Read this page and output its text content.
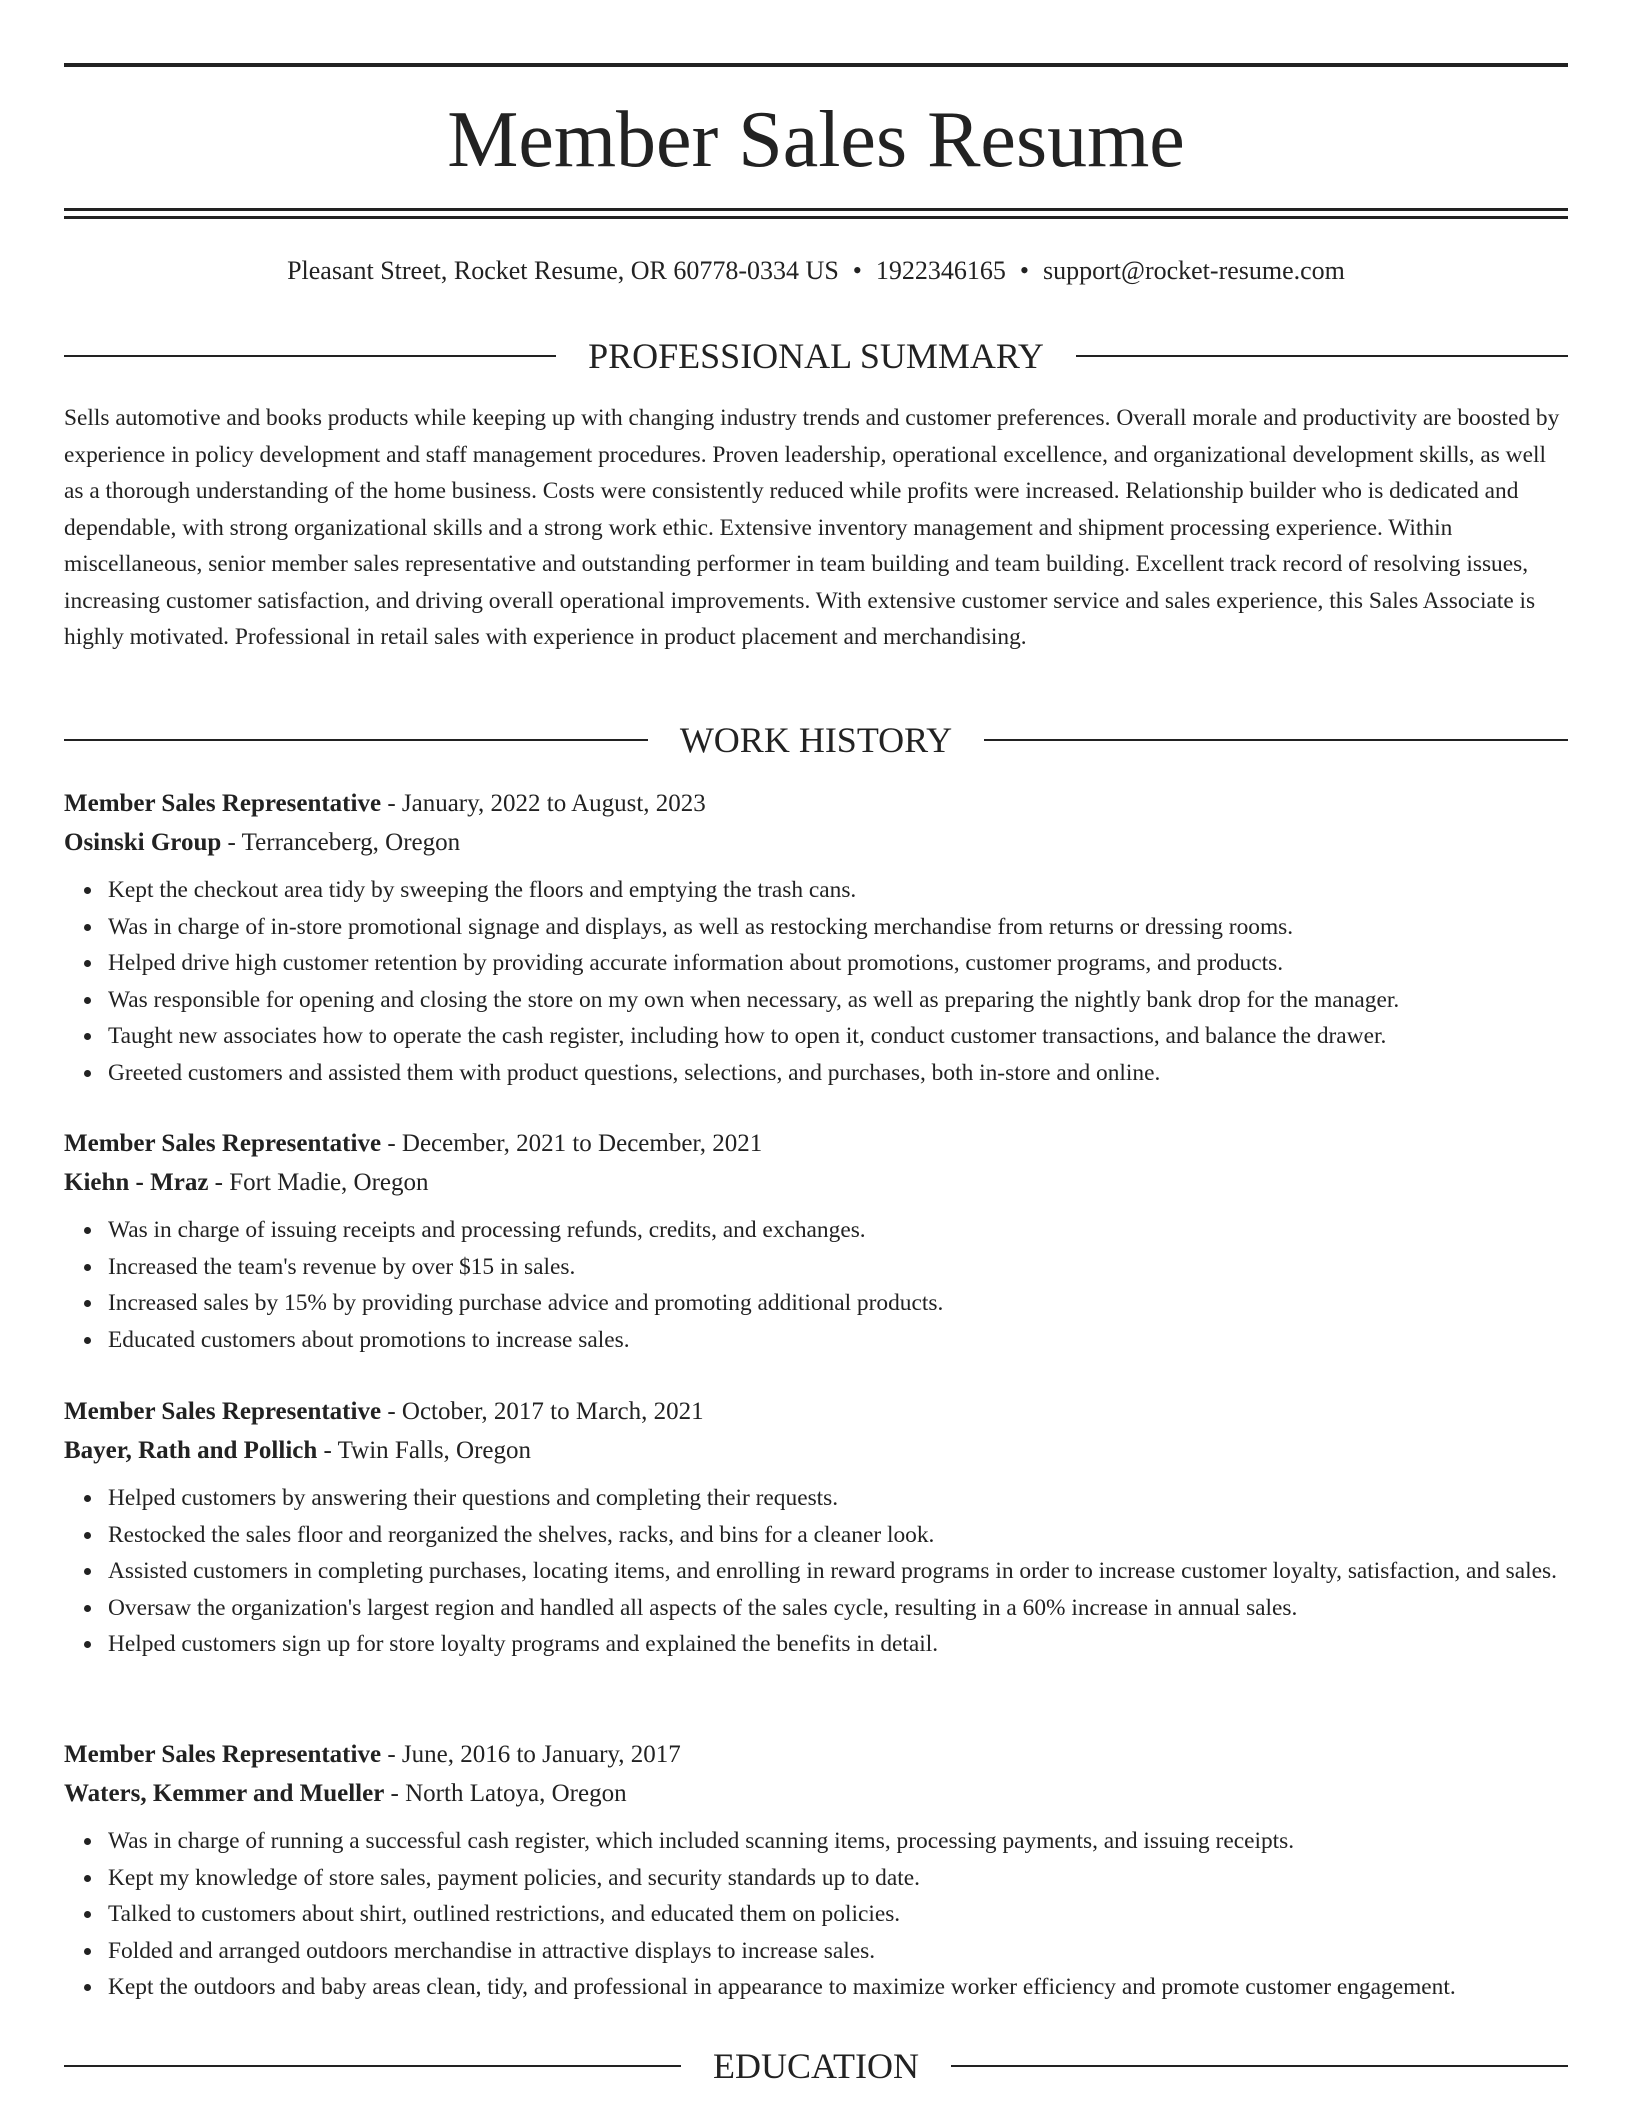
Member Sales Resume
Pleasant Street, Rocket Resume, OR 60778-0334 US • 1922346165 • support@rocket-resume.com
PROFESSIONAL SUMMARY

Sells automotive and books products while keeping up with changing industry trends and customer preferences. Overall morale and productivity are boosted by experience in policy development and staff management procedures. Proven leadership, operational excellence, and organizational development skills, as well as a thorough understanding of the home business. Costs were consistently reduced while profits were increased. Relationship builder who is dedicated and dependable, with strong organizational skills and a strong work ethic. Extensive inventory management and shipment processing experience. Within miscellaneous, senior member sales representative and outstanding performer in team building and team building. Excellent track record of resolving issues, increasing customer satisfaction, and driving overall operational improvements. With extensive customer service and sales experience, this Sales Associate is highly motivated. Professional in retail sales with experience in product placement and merchandising.

WORK HISTORY
Member Sales Representative - January, 2022 to August, 2023
Osinski Group - Terranceberg, Oregon
Kept the checkout area tidy by sweeping the floors and emptying the trash cans.
Was in charge of in-store promotional signage and displays, as well as restocking merchandise from returns or dressing rooms.
Helped drive high customer retention by providing accurate information about promotions, customer programs, and products.
Was responsible for opening and closing the store on my own when necessary, as well as preparing the nightly bank drop for the manager.
Taught new associates how to operate the cash register, including how to open it, conduct customer transactions, and balance the drawer.
Greeted customers and assisted them with product questions, selections, and purchases, both in-store and online.
Member Sales Representative - December, 2021 to December, 2021
Kiehn - Mraz - Fort Madie, Oregon
Was in charge of issuing receipts and processing refunds, credits, and exchanges.
Increased the team's revenue by over $15 in sales.
Increased sales by 15% by providing purchase advice and promoting additional products.
Educated customers about promotions to increase sales.
Member Sales Representative - October, 2017 to March, 2021
Bayer, Rath and Pollich - Twin Falls, Oregon
Helped customers by answering their questions and completing their requests.
Restocked the sales floor and reorganized the shelves, racks, and bins for a cleaner look.
Assisted customers in completing purchases, locating items, and enrolling in reward programs in order to increase customer loyalty, satisfaction, and sales.
Oversaw the organization's largest region and handled all aspects of the sales cycle, resulting in a 60% increase in annual sales.
Helped customers sign up for store loyalty programs and explained the benefits in detail.
Member Sales Representative - June, 2016 to January, 2017
Waters, Kemmer and Mueller - North Latoya, Oregon
Was in charge of running a successful cash register, which included scanning items, processing payments, and issuing receipts.
Kept my knowledge of store sales, payment policies, and security standards up to date.
Talked to customers about shirt, outlined restrictions, and educated them on policies.
Folded and arranged outdoors merchandise in attractive displays to increase sales.
Kept the outdoors and baby areas clean, tidy, and professional in appearance to maximize worker efficiency and promote customer engagement.
EDUCATION
